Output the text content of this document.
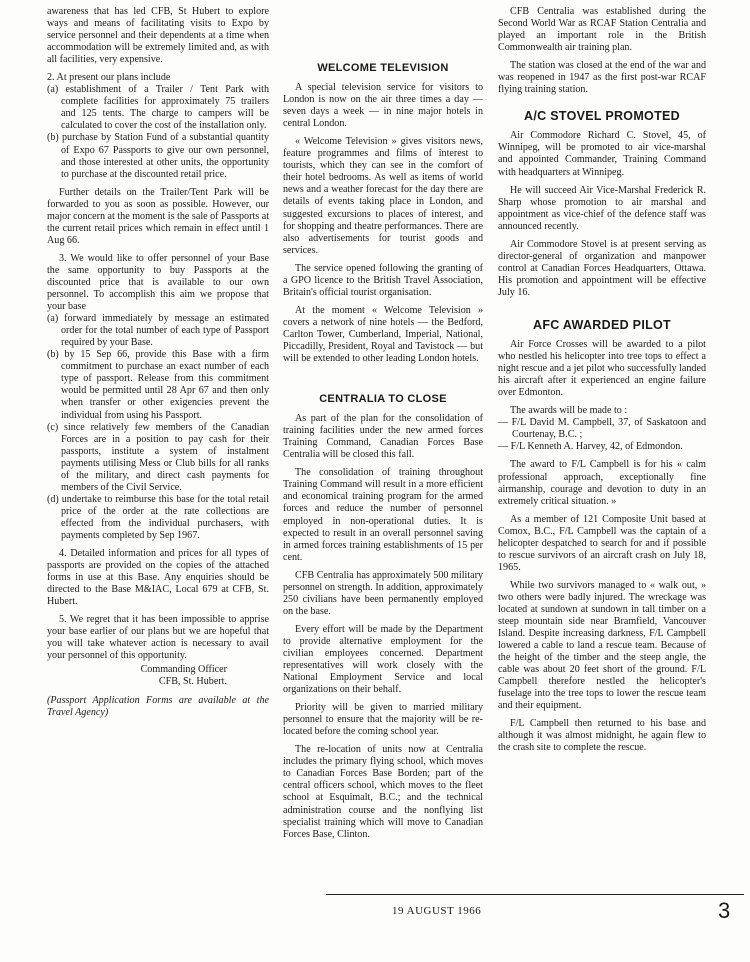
awareness that has led CFB, St Hubert to explore ways and means of facilitating visits to Expo by service personnel and their dependents at a time when accommodation will be extremely limited and, as with all facilities, very expensive.

2. At present our plans include

(a) establishment of a Trailer / Tent Park with complete facilities for approximately 75 trailers and 125 tents. The charge to campers will be calculated to cover the cost of the installation only.
(b) purchase by Station Fund of a substantial quantity of Expo 67 Passports to give our own personnel, and those interested at other units, the opportunity to purchase at the discounted retail price.

Further details on the Trailer/Tent Park will be forwarded to you as soon as possible. However, our major concern at the moment is the sale of Passports at the current retail prices which remain in effect until 1 Aug 66.

3. We would like to offer personnel of your Base the same opportunity to buy Passports at the discounted price that is available to our own personnel. To accomplish this aim we propose that your base

(a) forward immediately by message an estimated order for the total number of each type of Passport required by your Base.
(b) by 15 Sep 66, provide this Base with a firm commitment to purchase an exact number of each type of passport. Release from this commitment would be permitted until 28 Apr 67 and then only when transfer or other exigencies prevent the individual from using his Passport.
(c) since relatively few members of the Canadian Forces are in a position to pay cash for their passports, institute a system of instalment payments utilising Mess or Club bills for all ranks of the military, and direct cash payments for members of the Civil Service.
(d) undertake to reimburse this base for the total retail price of the order at the rate collections are effected from the individual purchasers, with payments completed by Sep 1967.

4. Detailed information and prices for all types of passports are provided on the copies of the attached forms in use at this Base. Any enquiries should be directed to the Base M&IAC, Local 679 at CFB, St. Hubert.

5. We regret that it has been impossible to apprise your base earlier of our plans but we are hopeful that you will take whatever action is necessary to avail your personnel of this opportunity.

Commanding Officer

CFB, St. Hubert.

(Passport Application Forms are available at the Travel Agency)

WELCOME TELEVISION

A special television service for visitors to London is now on the air three times a day — seven days a week — in nine major hotels in central London.

« Welcome Television » gives visitors news, feature programmes and films of interest to tourists, which they can see in the comfort of their hotel bedrooms. As well as items of world news and a weather forecast for the day there are details of events taking place in London, and suggested excursions to places of interest, and for shopping and theatre performances. There are also advertisements for tourist goods and services.

The service opened following the granting of a GPO licence to the British Travel Association, Britain's official tourist organisation.

At the moment « Welcome Television » covers a network of nine hotels — the Bedford, Carlton Tower, Cumberland, Imperial, National, Piccadilly, President, Royal and Tavistock — but will be extended to other leading London hotels.

CENTRALIA TO CLOSE

As part of the plan for the consolidation of training facilities under the new armed forces Training Command, Canadian Forces Base Centralia will be closed this fall.

The consolidation of training throughout Training Command will result in a more efficient and economical training program for the armed forces and reduce the number of personnel employed in non-operational duties. It is expected to result in an overall personnel saving in armed forces training establishments of 15 per cent.

CFB Centralia has approximately 500 military personnel on strength. In addition, approximately 250 civilians have been permanently employed on the base.

Every effort will be made by the Department to provide alternative employment for the civilian employees concerned. Department representatives will work closely with the National Employment Service and local organizations on their behalf.

Priority will be given to married military personnel to ensure that the majority will be re-located before the coming school year.

The re-location of units now at Centralia includes the primary flying school, which moves to Canadian Forces Base Borden; part of the central officers school, which moves to the fleet school at Esquimalt, B.C.; and the technical administration course and the nonflying list specialist training which will move to Canadian Forces Base, Clinton.

CFB Centralia was established during the Second World War as RCAF Station Centralia and played an important role in the British Commonwealth air training plan.

The station was closed at the end of the war and was reopened in 1947 as the first post-war RCAF flying training station.

A/C STOVEL PROMOTED

Air Commodore Richard C. Stovel, 45, of Winnipeg, will be promoted to air vice-marshal and appointed Commander, Training Command with headquarters at Winnipeg.

He will succeed Air Vice-Marshal Frederick R. Sharp whose promotion to air marshal and appointment as vice-chief of the defence staff was announced recently.

Air Commodore Stovel is at present serving as director-general of organization and manpower control at Canadian Forces Headquarters, Ottawa. His promotion and appointment will be effective July 16.

AFC AWARDED PILOT

Air Force Crosses will be awarded to a pilot who nestled his helicopter into tree tops to effect a night rescue and a jet pilot who successfully landed his aircraft after it experienced an engine failure over Edmonton.

The awards will be made to :

— F/L David M. Campbell, 37, of Saskatoon and Courtenay, B.C. ;

— F/L Kenneth A. Harvey, 42, of Edmondon.

The award to F/L Campbell is for his « calm professional approach, exceptionally fine airmanship, courage and devotion to duty in an extremely critical situation. »

As a member of 121 Composite Unit based at Comox, B.C., F/L Campbell was the captain of a helicopter despatched to search for and if possible to rescue survivors of an aircraft crash on July 18, 1965.

While two survivors managed to « walk out, » two others were badly injured. The wreckage was located at sundown at sundown in tall timber on a steep mountain side near Bramfield, Vancouver Island. Despite increasing darkness, F/L Campbell lowered a cable to land a rescue team. Because of the height of the timber and the steep angle, the cable was about 20 feet short of the ground. F/L Campbell therefore nestled the helicopter's fuselage into the tree tops to lower the rescue team and their equipment.

F/L Campbell then returned to his base and although it was almost midnight, he again flew to the crash site to complete the rescue.

19 AUGUST 1966	3
